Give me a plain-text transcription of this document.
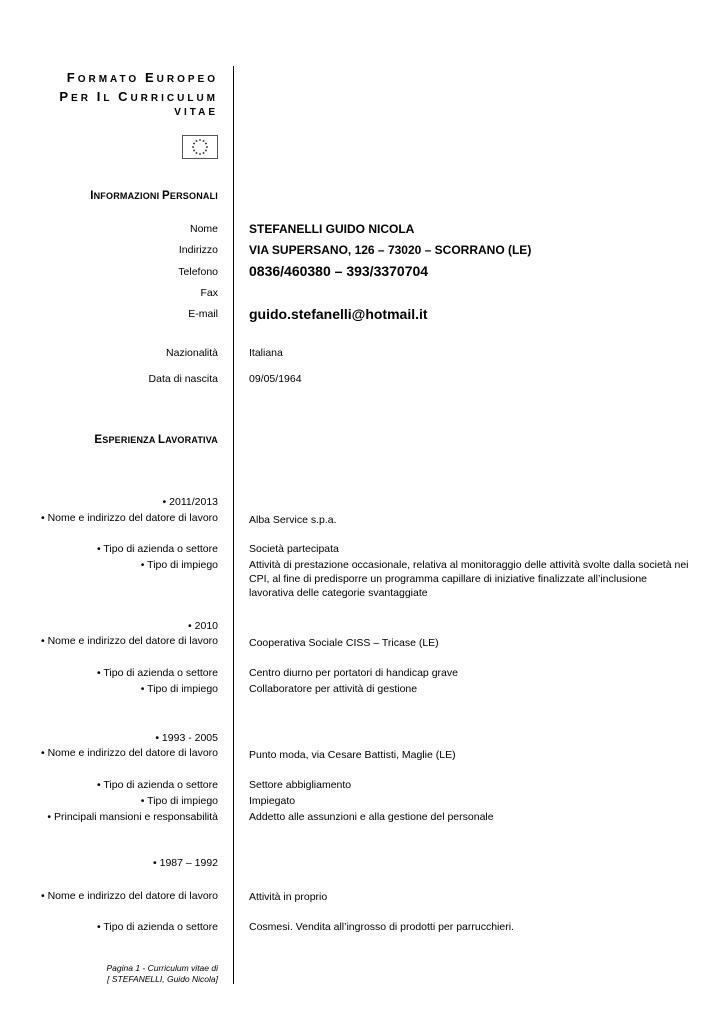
FORMATO EUROPEO
PER IL CURRICULUM
VITAE
INFORMAZIONI PERSONALI
Nome	STEFANELLI GUIDO NICOLA
Indirizzo	VIA SUPERSANO, 126 – 73020 – SCORRANO (LE)
Telefono 0836/460380 – 393/3370704
Fax
E-mail guido.stefanelli@hotmail.it
Nazionalità	Italiana
Data di nascita	09/05/1964
ESPERIENZA LAVORATIVA
• 2011/2013
• Nome e indirizzo del datore di lavoro	Alba Service s.p.a.
• Tipo di azienda o settore	Società partecipata
• Tipo di impiego	Attività di prestazione occasionale, relativa al monitoraggio delle attività svolte dalla società nei CPI, al fine di predisporre un programma capillare di iniziative finalizzate all’inclusione lavorativa delle categorie svantaggiate
• 2010
• Nome e indirizzo del datore di lavoro	Cooperativa Sociale CISS – Tricase (LE)
• Tipo di azienda o settore	Centro diurno per portatori di handicap grave
• Tipo di impiego	Collaboratore per attività di gestione
• 1993 - 2005
• Nome e indirizzo del datore di lavoro	Punto moda, via Cesare Battisti, Maglie (LE)
• Tipo di azienda o settore	Settore abbigliamento
• Tipo di impiego	Impiegato
• Principali mansioni e responsabilità	Addetto alle assunzioni e alla gestione del personale
• 1987 – 1992
• Nome e indirizzo del datore di lavoro	Attività in proprio
• Tipo di azienda o settore	Cosmesi. Vendita all’ingrosso di prodotti per parrucchieri.
Pagina 1 - Curriculum vitae di
[ STEFANELLI, Guido Nicola]
